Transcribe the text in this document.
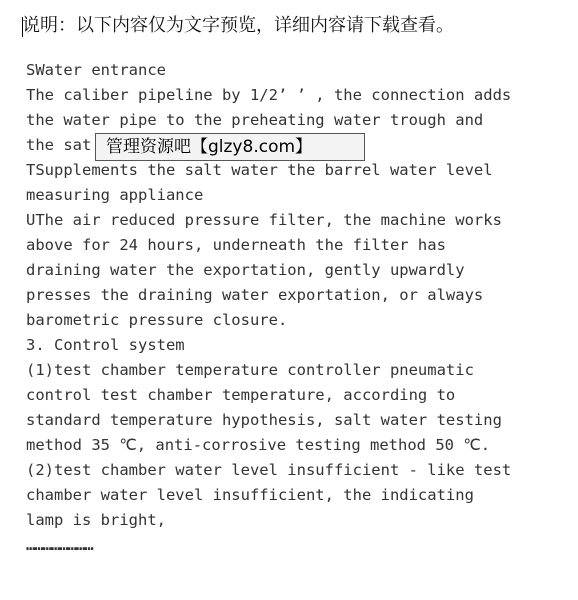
说明：以下内容仅为文字预览，详细内容请下载查看。
SWater entrance
The caliber pipeline by 1/2’ ’ , the connection adds
the water pipe to the preheating water trough and
the sat
TSupplements the salt water the barrel water level
measuring appliance
UThe air reduced pressure filter, the machine works
above for 24 hours, underneath the filter has
draining water the exportation, gently upwardly
presses the draining water exportation, or always
barometric pressure closure.
3. Control system
(1)test chamber temperature controller pneumatic
control test chamber temperature, according to
standard temperature hypothesis, salt water testing
method 35 ℃, anti-corrosive testing method 50 ℃.
(2)test chamber water level insufficient - like test
chamber water level insufficient, the indicating
lamp is bright,
……………………
管理资源吧【glzy8.com】
